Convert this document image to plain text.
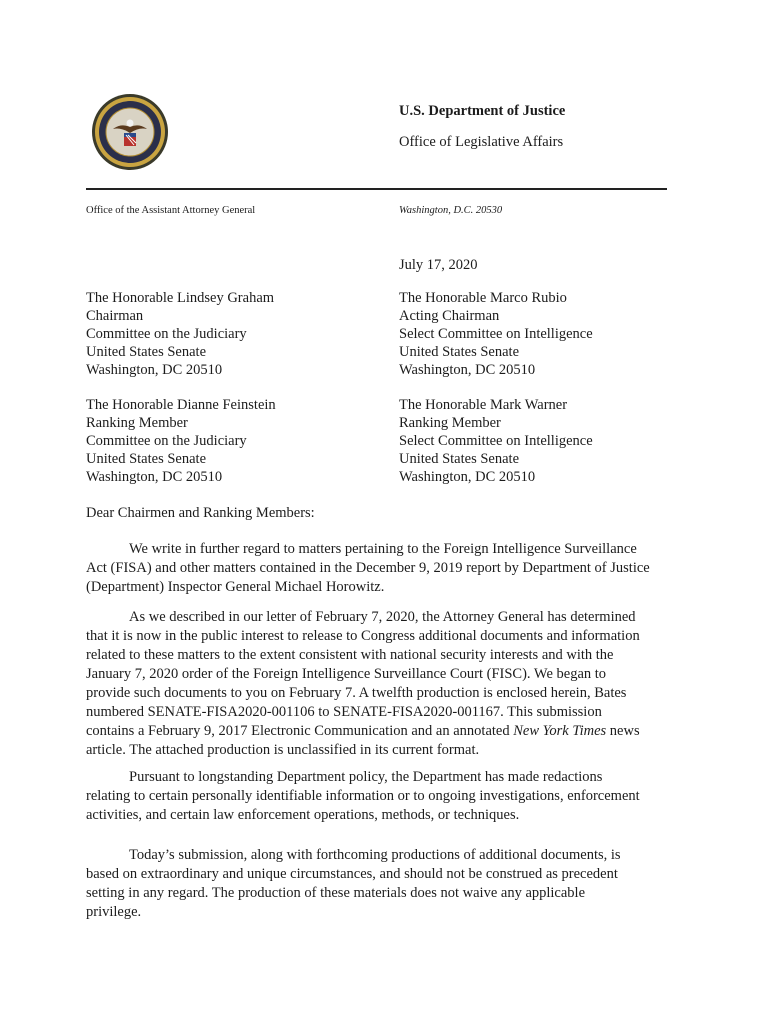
U.S. Department of Justice
Office of Legislative Affairs
Office of the Assistant Attorney General	Washington, D.C. 20530
July 17, 2020
The Honorable Lindsey Graham
Chairman
Committee on the Judiciary
United States Senate
Washington, DC 20510
The Honorable Marco Rubio
Acting Chairman
Select Committee on Intelligence
United States Senate
Washington, DC 20510
The Honorable Dianne Feinstein
Ranking Member
Committee on the Judiciary
United States Senate
Washington, DC 20510
The Honorable Mark Warner
Ranking Member
Select Committee on Intelligence
United States Senate
Washington, DC 20510
Dear Chairmen and Ranking Members:
We write in further regard to matters pertaining to the Foreign Intelligence Surveillance
Act (FISA) and other matters contained in the December 9, 2019 report by Department of Justice
(Department) Inspector General Michael Horowitz.
As we described in our letter of February 7, 2020, the Attorney General has determined
that it is now in the public interest to release to Congress additional documents and information
related to these matters to the extent consistent with national security interests and with the
January 7, 2020 order of the Foreign Intelligence Surveillance Court (FISC). We began to
provide such documents to you on February 7. A twelfth production is enclosed herein, Bates
numbered SENATE-FISA2020-001106 to SENATE-FISA2020-001167. This submission
contains a February 9, 2017 Electronic Communication and an annotated New York Times news
article. The attached production is unclassified in its current format.
Pursuant to longstanding Department policy, the Department has made redactions
relating to certain personally identifiable information or to ongoing investigations, enforcement
activities, and certain law enforcement operations, methods, or techniques.
Today’s submission, along with forthcoming productions of additional documents, is
based on extraordinary and unique circumstances, and should not be construed as precedent
setting in any regard. The production of these materials does not waive any applicable
privilege.
